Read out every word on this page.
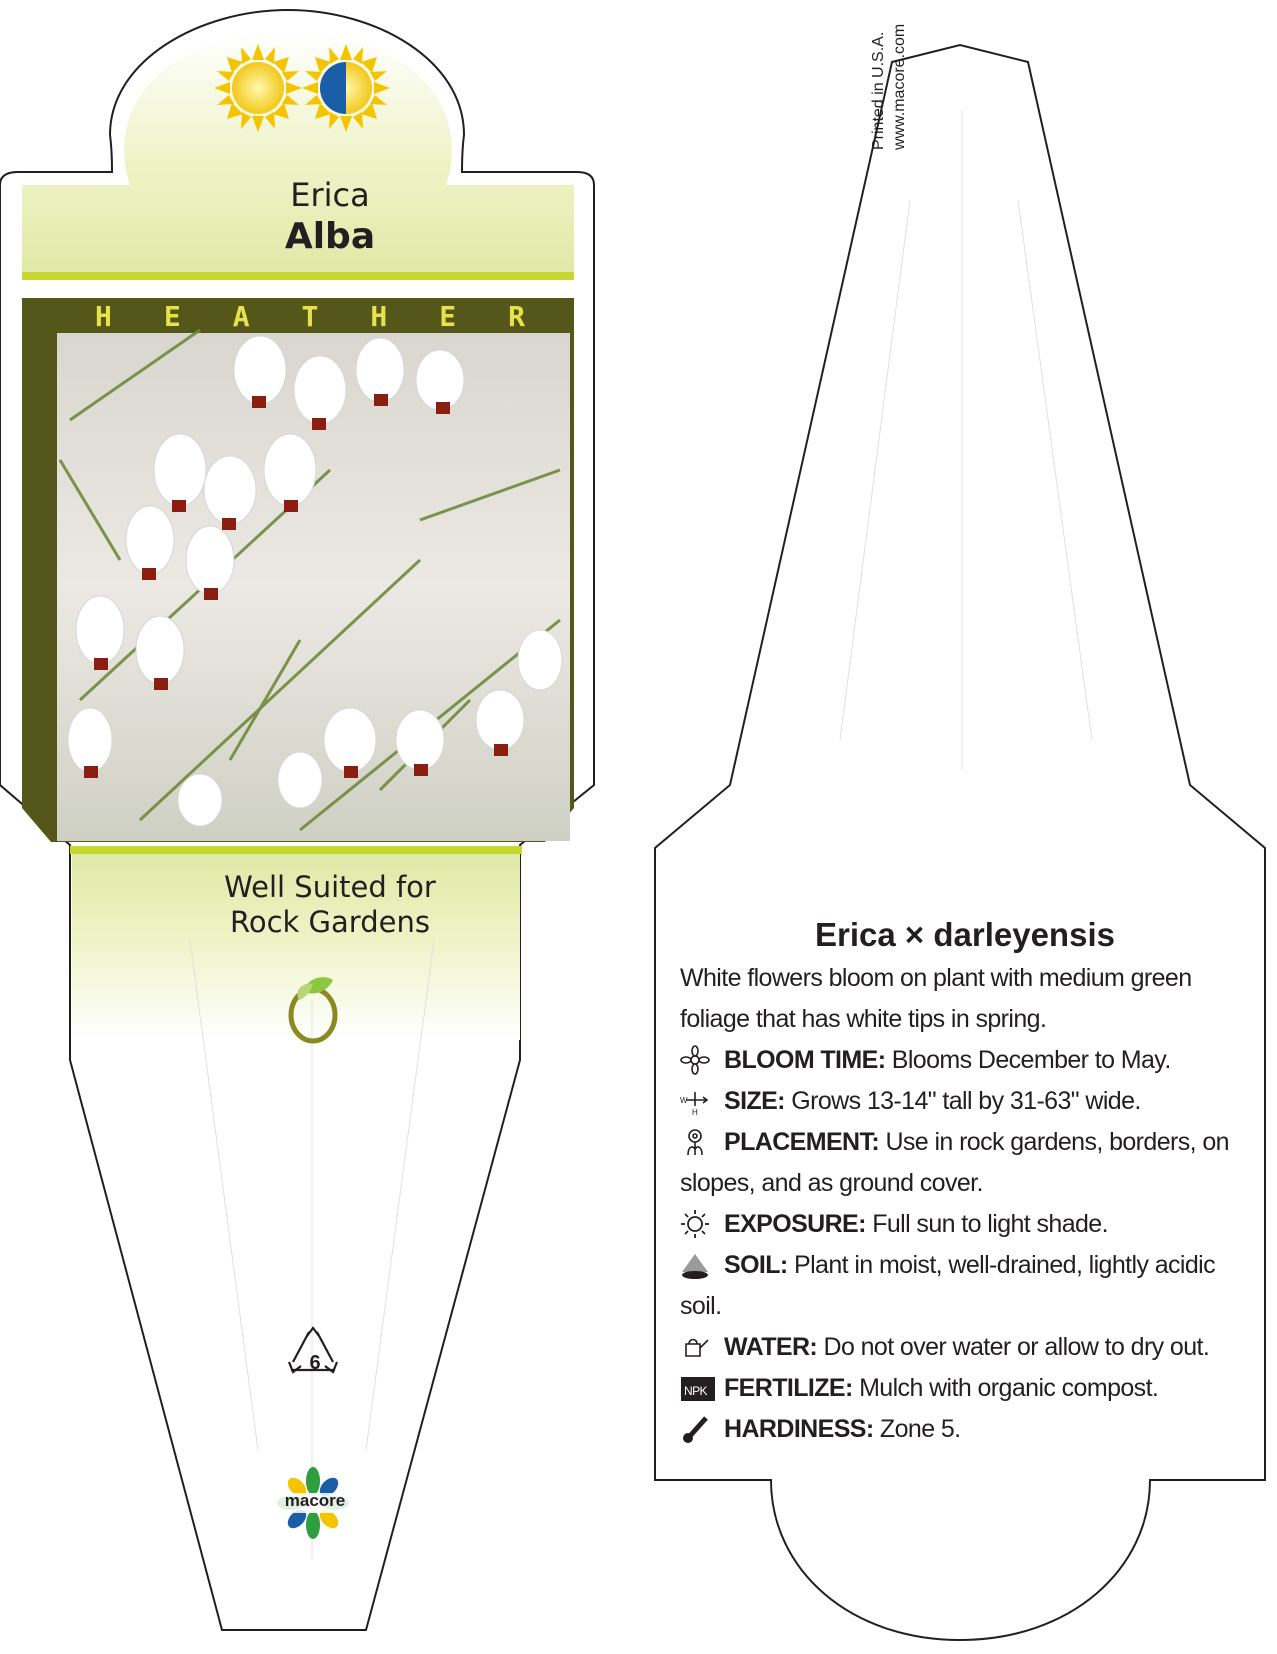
Erica
Alba
H E A T H E R
Well Suited for
Rock Gardens
6
macore
Printed in U.S.A. www.macore.com
Erica × darleyensis
White flowers bloom on plant with medium green foliage that has white tips in spring.
BLOOM TIME: Blooms December to May.
W
H SIZE: Grows 13-14" tall by 31-63" wide.
PLACEMENT: Use in rock gardens, borders, on slopes, and as ground cover.
EXPOSURE: Full sun to light shade.
SOIL: Plant in moist, well-drained, lightly acidic soil.
WATER: Do not over water or allow to dry out.
NPK FERTILIZE: Mulch with organic compost.
HARDINESS: Zone 5.
